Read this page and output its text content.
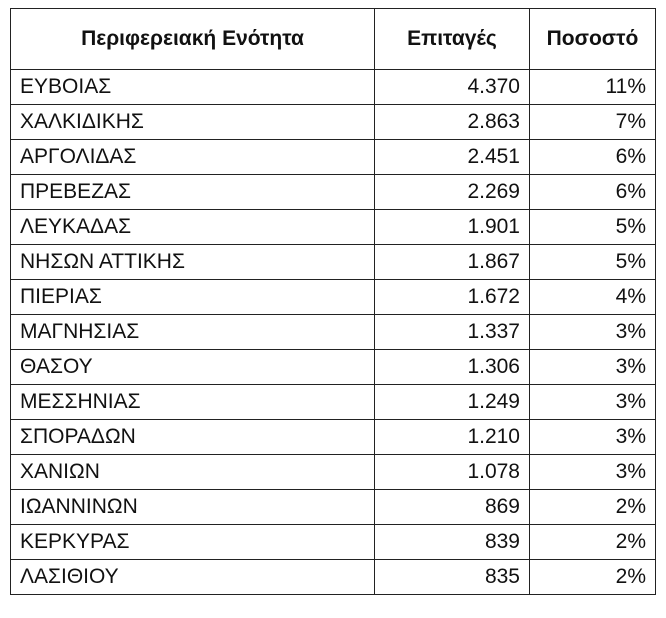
Περιφερειακή Ενότητα	Επιταγές	Ποσοστό
ΕΥΒΟΙΑΣ	4.370	11%
ΧΑΛΚΙΔΙΚΗΣ	2.863	7%
ΑΡΓΟΛΙΔΑΣ	2.451	6%
ΠΡΕΒΕΖΑΣ	2.269	6%
ΛΕΥΚΑΔΑΣ	1.901	5%
ΝΗΣΩΝ ΑΤΤΙΚΗΣ	1.867	5%
ΠΙΕΡΙΑΣ	1.672	4%
ΜΑΓΝΗΣΙΑΣ	1.337	3%
ΘΑΣΟΥ	1.306	3%
ΜΕΣΣΗΝΙΑΣ	1.249	3%
ΣΠΟΡΑΔΩΝ	1.210	3%
ΧΑΝΙΩΝ	1.078	3%
ΙΩΑΝΝΙΝΩΝ	869	2%
ΚΕΡΚΥΡΑΣ	839	2%
ΛΑΣΙΘΙΟΥ	835	2%
